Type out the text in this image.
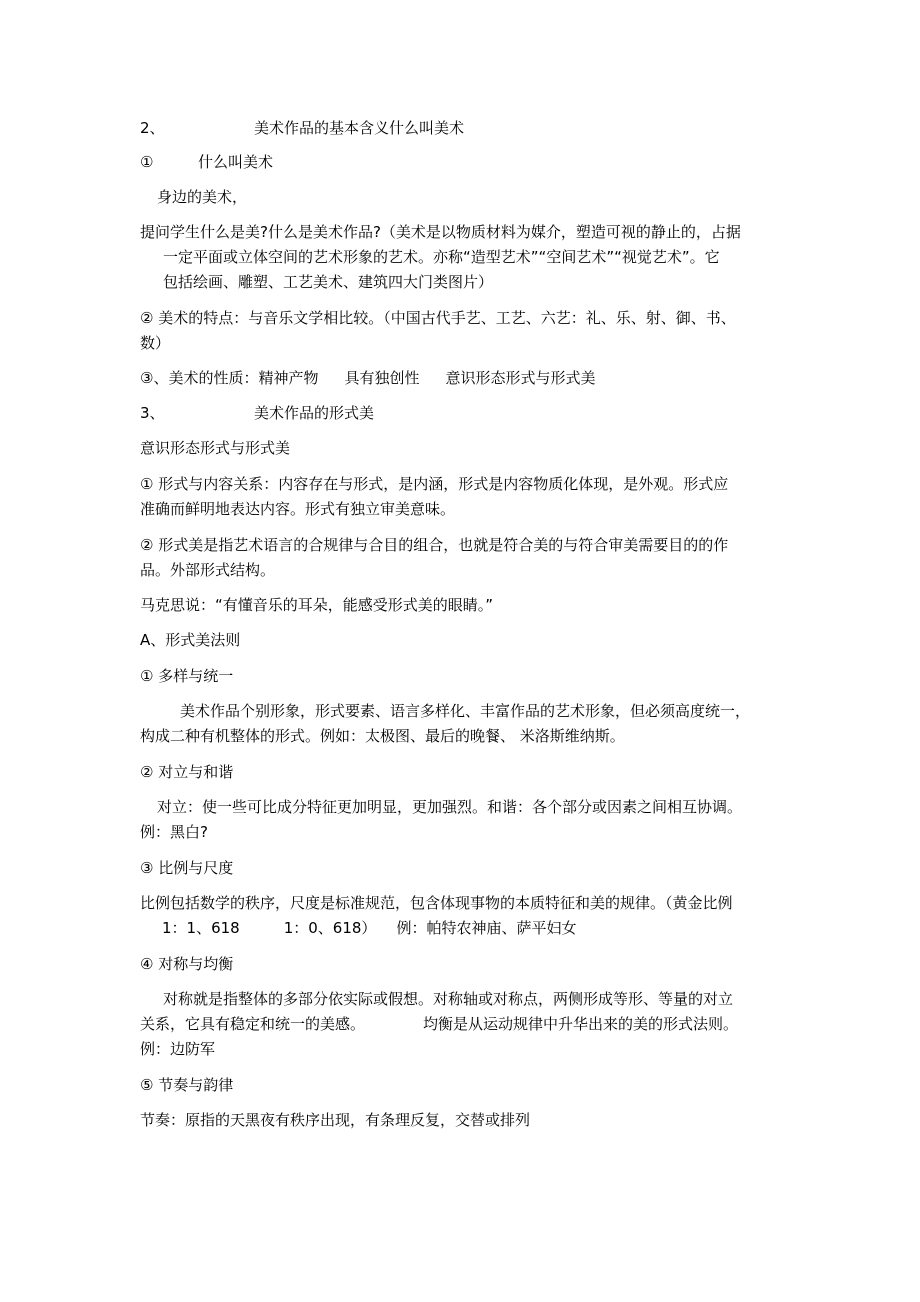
2、	美术作品的基本含义什么叫美术
①	什么叫美术
身边的美术，
提问学生什么是美?什么是美术作品?（美术是以物质材料为媒介，塑造可视的静止的，占据
一定平面或立体空间的艺术形象的艺术。亦称“造型艺术”“空间艺术”“视觉艺术”。它
包括绘画、雕塑、工艺美术、建筑四大门类图片）
② 美术的特点：与音乐文学相比较。（中国古代手艺、工艺、六艺：礼、乐、射、御、书、
数）
③、美术的性质：精神产物 具有独创性 意识形态形式与形式美
3、	美术作品的形式美
意识形态形式与形式美
① 形式与内容关系：内容存在与形式，是内涵，形式是内容物质化体现，是外观。形式应
准确而鲜明地表达内容。形式有独立审美意味。
② 形式美是指艺术语言的合规律与合目的组合，也就是符合美的与符合审美需要目的的作
品。外部形式结构。
马克思说：“有懂音乐的耳朵，能感受形式美的眼睛。”
A、形式美法则
① 多样与统一
美术作品个别形象，形式要素、语言多样化、丰富作品的艺术形象，但必须高度统一，
构成二种有机整体的形式。例如：太极图、最后的晚餐、 米洛斯维纳斯。
② 对立与和谐
对立：使一些可比成分特征更加明显，更加强烈。和谐：各个部分或因素之间相互协调。
例：黑白?
③ 比例与尺度
比例包括数学的秩序，尺度是标准规范，包含体现事物的本质特征和美的规律。（黄金比例
1：1、618	1：0、618） 例：帕特农神庙、萨平妇女
④ 对称与均衡
对称就是指整体的多部分依实际或假想。对称轴或对称点，两侧形成等形、等量的对立
关系，它具有稳定和统一的美感。	均衡是从运动规律中升华出来的美的形式法则。
例：边防军
⑤ 节奏与韵律
节奏：原指的天黑夜有秩序出现，有条理反复，交替或排列
